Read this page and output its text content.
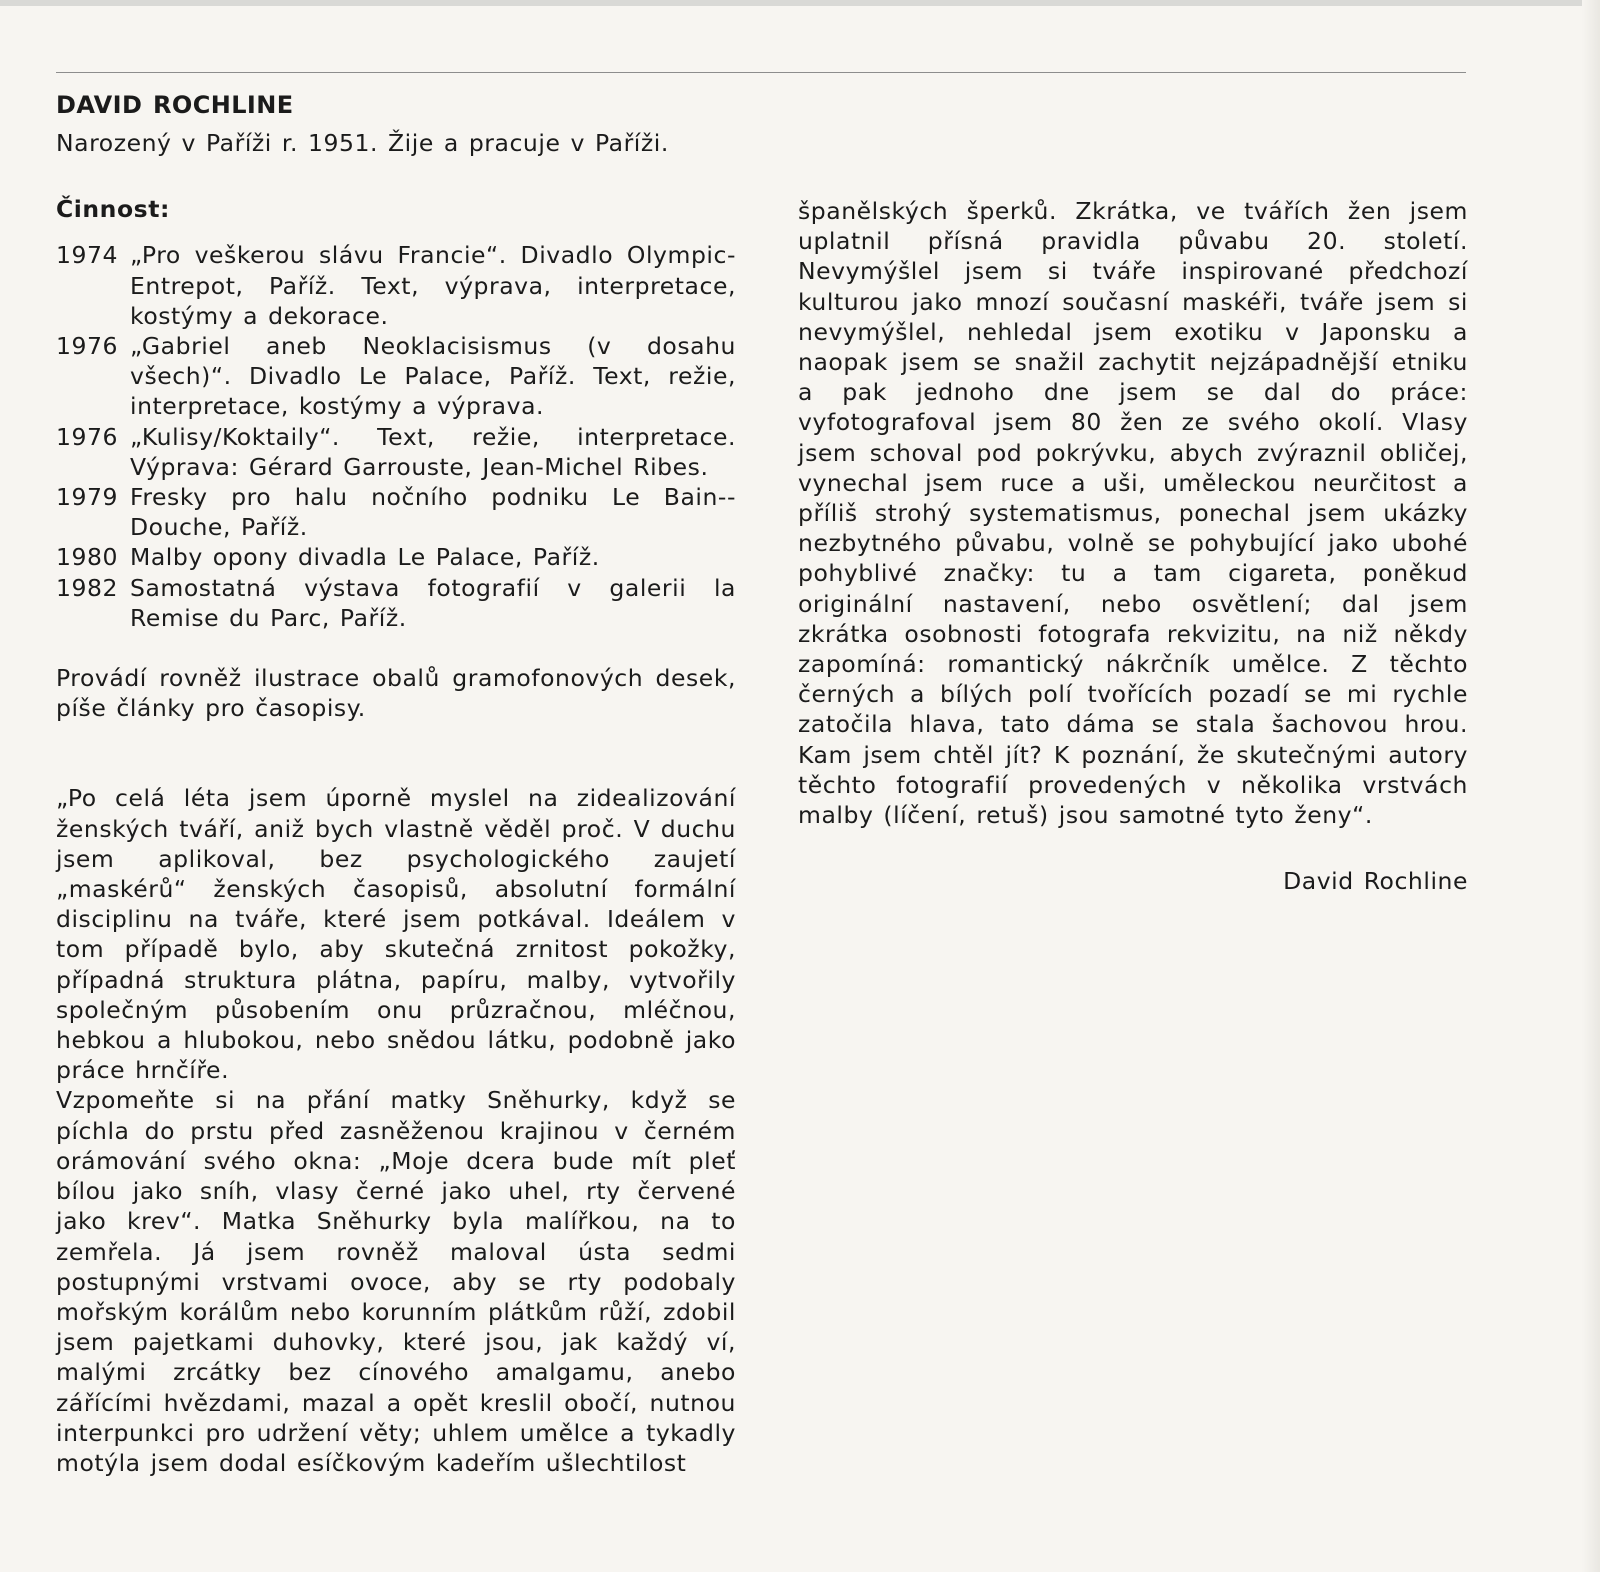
DAVID ROCHLINE

Narozený v Paříži r. 1951. Žije a pracuje v Paříži.

Činnost:

1974 „Pro veškerou slávu Francie“. Divadlo Olympic-Entrepot, Paříž. Text, výprava, interpretace, kostýmy a dekorace.
1976 „Gabriel aneb Neoklacisismus (v dosahu všech)“. Divadlo Le Palace, Paříž. Text, režie, interpretace, kostýmy a výprava.
1976 „Kulisy/Koktaily“. Text, režie, interpretace. Výprava: Gérard Garrouste, Jean-Michel Ribes.
1979 Fresky pro halu nočního podniku Le Bain--Douche, Paříž.
1980 Malby opony divadla Le Palace, Paříž.
1982 Samostatná výstava fotografií v galerii la Remise du Parc, Paříž.

Provádí rovněž ilustrace obalů gramofonových desek, píše články pro časopisy.

„Po celá léta jsem úporně myslel na zidealizování ženských tváří, aniž bych vlastně věděl proč. V duchu jsem aplikoval, bez psychologického zaujetí „maskérů“ ženských časopisů, absolutní formální disciplinu na tváře, které jsem potkával. Ideálem v tom případě bylo, aby skutečná zrnitost pokožky, případná struktura plátna, papíru, malby, vytvořily společným působením onu průzračnou, mléčnou, hebkou a hlubokou, nebo snědou látku, podobně jako práce hrnčíře.

Vzpomeňte si na přání matky Sněhurky, když se píchla do prstu před zasněženou krajinou v černém orámování svého okna: „Moje dcera bude mít pleť bílou jako sníh, vlasy černé jako uhel, rty červené jako krev“. Matka Sněhurky byla malířkou, na to zemřela. Já jsem rovněž maloval ústa sedmi postupnými vrstvami ovoce, aby se rty podobaly mořským korálům nebo korunním plátkům růží, zdobil jsem pajetkami duhovky, které jsou, jak každý ví, malými zrcátky bez cínového amalgamu, anebo zářícími hvězdami, mazal a opět kreslil obočí, nutnou interpunkci pro udržení věty; uhlem umělce a tykadly motýla jsem dodal esíčkovým kadeřím ušlechtilost

španělských šperků. Zkrátka, ve tvářích žen jsem uplatnil přísná pravidla půvabu 20. století. Nevymýšlel jsem si tváře inspirované předchozí kulturou jako mnozí současní maskéři, tváře jsem si nevymýšlel, nehledal jsem exotiku v Japonsku a naopak jsem se snažil zachytit nejzápadnější etniku a pak jednoho dne jsem se dal do práce: vyfotografoval jsem 80 žen ze svého okolí. Vlasy jsem schoval pod pokrývku, abych zvýraznil obličej, vynechal jsem ruce a uši, uměleckou neurčitost a příliš strohý systematismus, ponechal jsem ukázky nezbytného půvabu, volně se pohybující jako ubohé pohyblivé značky: tu a tam cigareta, poněkud originální nastavení, nebo osvětlení; dal jsem zkrátka osobnosti fotografa rekvizitu, na niž někdy zapomíná: romantický nákrčník umělce. Z těchto černých a bílých polí tvořících pozadí se mi rychle zatočila hlava, tato dáma se stala šachovou hrou. Kam jsem chtěl jít? K poznání, že skutečnými autory těchto fotografií provedených v několika vrstvách malby (líčení, retuš) jsou samotné tyto ženy“.

David Rochline
